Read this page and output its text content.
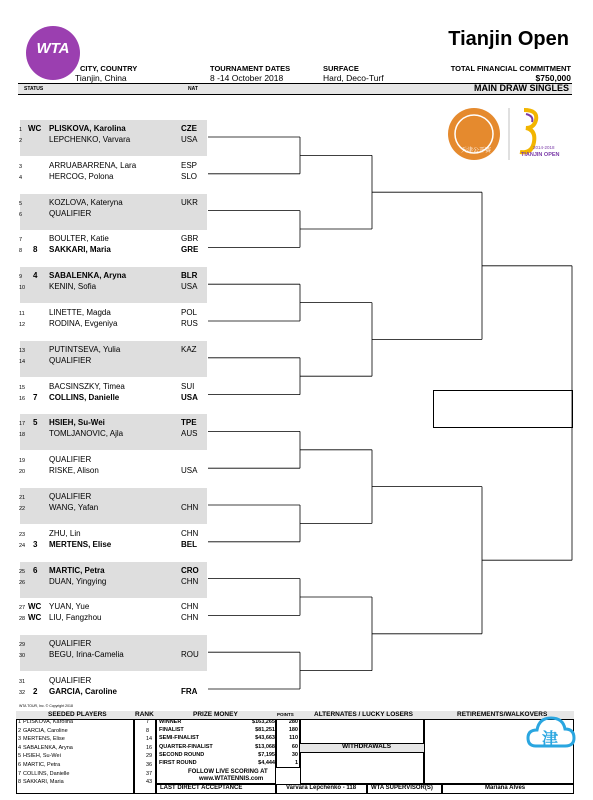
WTA	Tianjin Open
CITY, COUNTRY
Tianjin, China
TOURNAMENT DATES
8 -14 October 2018
SURFACE
Hard, Deco-Turf
TOTAL FINANCIAL COMMITMENT
$750,000
STATUS	NAT	MAIN DRAW SINGLES
天津公开赛
2014-2018
TIANJIN OPEN
1 WC PLISKOVA, Karolina	CZE
2	LEPCHENKO, Varvara	USA
3	ARRUABARRENA, Lara	ESP
4	HERCOG, Polona	SLO
5	KOZLOVA, Kateryna	UKR
6	QUALIFIER
7	BOULTER, Katie	GBR
8 8 SAKKARI, Maria	GRE
9 4 SABALENKA, Aryna	BLR
10	KENIN, Sofia	USA
11	LINETTE, Magda	POL
12	RODINA, Evgeniya	RUS
13	PUTINTSEVA, Yulia	KAZ
14	QUALIFIER
15	BACSINSZKY, Timea	SUI
16 7 COLLINS, Danielle	USA
17 5 HSIEH, Su-Wei	TPE
18	TOMLJANOVIC, Ajla	AUS
19	QUALIFIER
20	RISKE, Alison	USA
21	QUALIFIER
22	WANG, Yafan	CHN
23	ZHU, Lin	CHN
24 3 MERTENS, Elise	BEL
25 6 MARTIC, Petra	CRO
26	DUAN, Yingying	CHN
27 WC YUAN, Yue	CHN
28 WC LIU, Fangzhou	CHN
29	QUALIFIER
30	BEGU, Irina-Camelia	ROU
31	QUALIFIER
32 2 GARCIA, Caroline	FRA
WTA TOUR, Inc. © Copyright 2018
SEEDED PLAYERS	RANK	PRIZE MONEY	POINTS	ALTERNATES / LUCKY LOSERS	RETIREMENTS/WALKOVERS
WITHDRAWALS
1 PLISKOVA, Karolina	7
2 GARCIA, Caroline	8
3 MERTENS, Elise	14
4 SABALENKA, Aryna	16
5 HSIEH, Su-Wei	29
6 MARTIC, Petra	36
7 COLLINS, Danielle	37
8 SAKKARI, Maria	43
WINNER	$163,265	280
FINALIST	$81,251	180
SEMI-FINALIST	$43,663	110
QUARTER-FINALIST	$13,068	60
SECOND ROUND	$7,195	30
FIRST ROUND	$4,444	1
FOLLOW LIVE SCORING AT
www.WTATENNIS.com
LAST DIRECT ACCEPTANCE	Varvara Lepchenko - 118 WTA SUPERVISOR(S)	Mariana Alves
津
